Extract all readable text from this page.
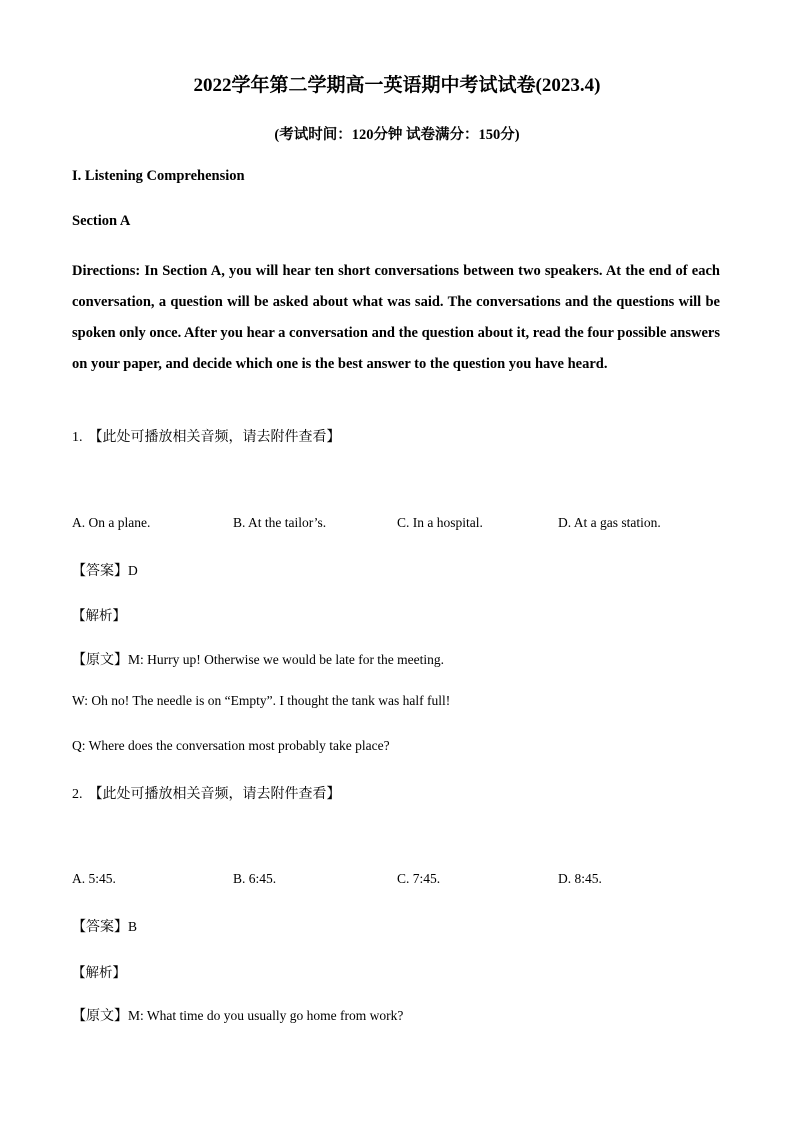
2022学年第二学期高一英语期中考试试卷(2023.4)
(考试时间：120分钟 试卷满分：150分)
I. Listening Comprehension
Section A
Directions: In Section A, you will hear ten short conversations between two speakers. At the end of each conversation, a question will be asked about what was said. The conversations and the questions will be spoken only once. After you hear a conversation and the question about it, read the four possible answers on your paper, and decide which one is the best answer to the question you have heard.
1. 【此处可播放相关音频，请去附件查看】
A. On a plane.	B. At the tailor’s.	C. In a hospital.	D. At a gas station.
【答案】D
【解析】
【原文】M: Hurry up! Otherwise we would be late for the meeting.
W: Oh no! The needle is on “Empty”. I thought the tank was half full!
Q: Where does the conversation most probably take place?
2. 【此处可播放相关音频，请去附件查看】
A. 5:45.	B. 6:45.	C. 7:45.	D. 8:45.
【答案】B
【解析】
【原文】M: What time do you usually go home from work?
